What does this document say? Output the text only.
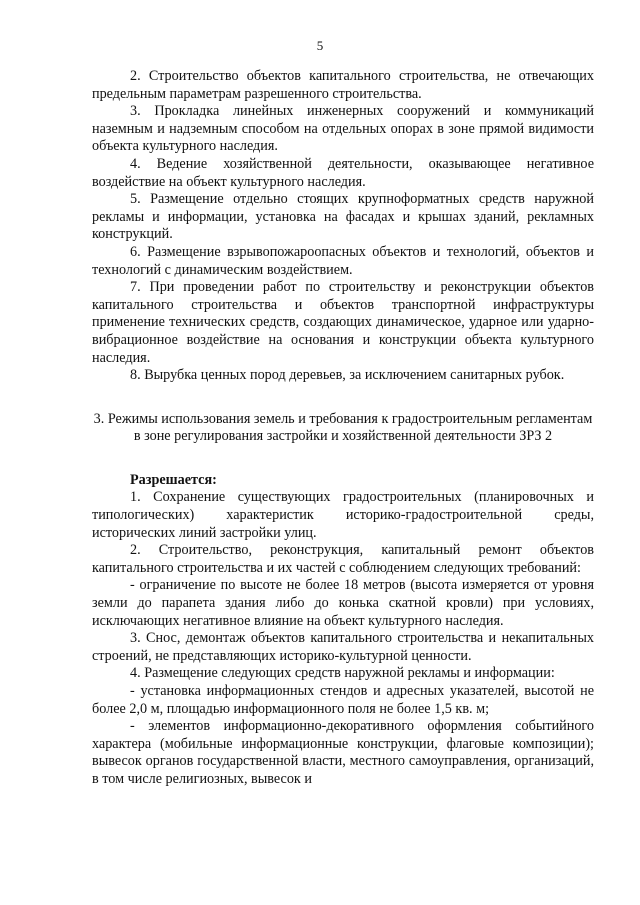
5

2. Строительство объектов капитального строительства, не отвечающих предельным параметрам разрешенного строительства.

3. Прокладка линейных инженерных сооружений и коммуникаций наземным и надземным способом на отдельных опорах в зоне прямой видимости объекта культурного наследия.

4. Ведение хозяйственной деятельности, оказывающее негативное воздействие на объект культурного наследия.

5. Размещение отдельно стоящих крупноформатных средств наружной рекламы и информации, установка на фасадах и крышах зданий, рекламных конструкций.

6. Размещение взрывопожароопасных объектов и технологий, объектов и технологий с динамическим воздействием.

7. При проведении работ по строительству и реконструкции объектов капитального строительства и объектов транспортной инфраструктуры применение технических средств, создающих динамическое, ударное или ударно-вибрационное воздействие на основания и конструкции объекта культурного наследия.

8. Вырубка ценных пород деревьев, за исключением санитарных рубок.

3. Режимы использования земель и требования к градостроительным регламентам в зоне регулирования застройки и хозяйственной деятельности ЗРЗ 2

Разрешается:

1. Сохранение существующих градостроительных (планировочных и типологических) характеристик историко-градостроительной среды, исторических линий застройки улиц.

2. Строительство, реконструкция, капитальный ремонт объектов капитального строительства и их частей с соблюдением следующих требований:

- ограничение по высоте не более 18 метров (высота измеряется от уровня земли до парапета здания либо до конька скатной кровли) при условиях, исключающих негативное влияние на объект культурного наследия.

3. Снос, демонтаж объектов капитального строительства и некапитальных строений, не представляющих историко-культурной ценности.

4. Размещение следующих средств наружной рекламы и информации:

- установка информационных стендов и адресных указателей, высотой не более 2,0 м, площадью информационного поля не более 1,5 кв. м;

- элементов информационно-декоративного оформления событийного характера (мобильные информационные конструкции, флаговые композиции); вывесок органов государственной власти, местного самоуправления, организаций, в том числе религиозных, вывесок и
